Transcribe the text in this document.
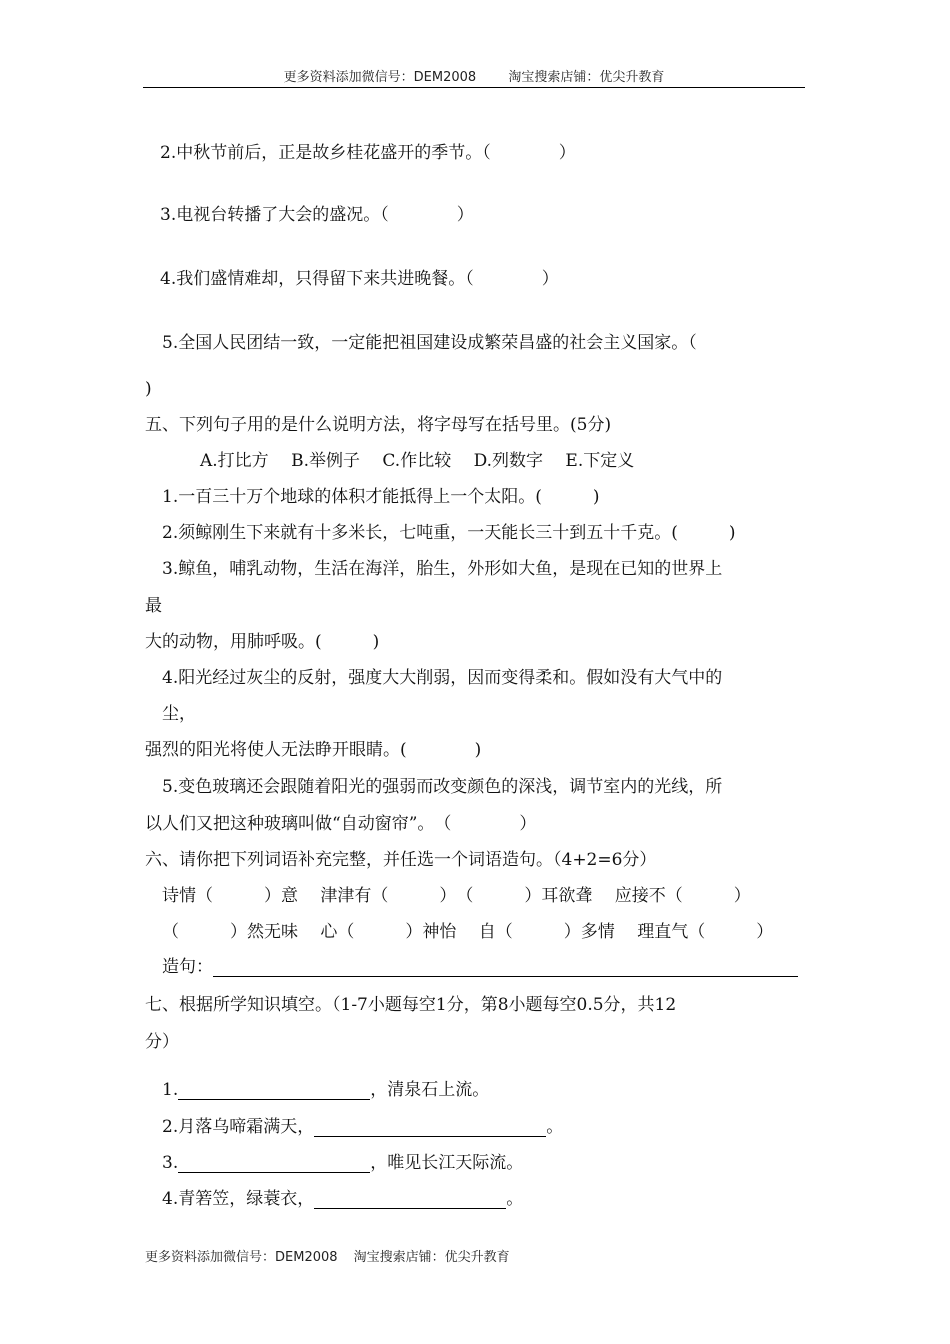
更多资料添加微信号：DEM2008 淘宝搜索店铺：优尖升教育
2.中秋节前后，正是故乡桂花盛开的季节。（　　　　）
3.电视台转播了大会的盛况。（　　　　）
4.我们盛情难却，只得留下来共进晚餐。（　　　　）
5.全国人民团结一致，一定能把祖国建设成繁荣昌盛的社会主义国家。（
)
五、下列句子用的是什么说明方法，将字母写在括号里。(5分)
A.打比方　 B.举例子　 C.作比较　 D.列数字　 E.下定义
1.一百三十万个地球的体积才能抵得上一个太阳。(　　　)
2.须鲸刚生下来就有十多米长，七吨重，一天能长三十到五十千克。(　　　)
3.鲸鱼，哺乳动物，生活在海洋，胎生，外形如大鱼，是现在已知的世界上
最
大的动物，用肺呼吸。(　　　)
4.阳光经过灰尘的反射，强度大大削弱，因而变得柔和。假如没有大气中的
尘，
强烈的阳光将使人无法睁开眼睛。(　　　　)
5.变色玻璃还会跟随着阳光的强弱而改变颜色的深浅，调节室内的光线，所
以人们又把这种玻璃叫做“自动窗帘”。　（　　　　）
六、请你把下列词语补充完整，并任选一个词语造句。（4+2=6分）
诗情（　　　）意　 津津有（　　　）　（　　　）耳欲聋　 应接不（　　　）
（　　　）然无味　 心（　　　）神怡　 自（　　　）多情　 理直气（　　　）
造句：
七、根据所学知识填空。（1-7小题每空1分，第8小题每空0.5分，共12
分）
1.	，清泉石上流。
2.月落乌啼霜满天，	。
3.	，唯见长江天际流。
4.青箬笠，绿蓑衣，	。
更多资料添加微信号：DEM2008 淘宝搜索店铺：优尖升教育
